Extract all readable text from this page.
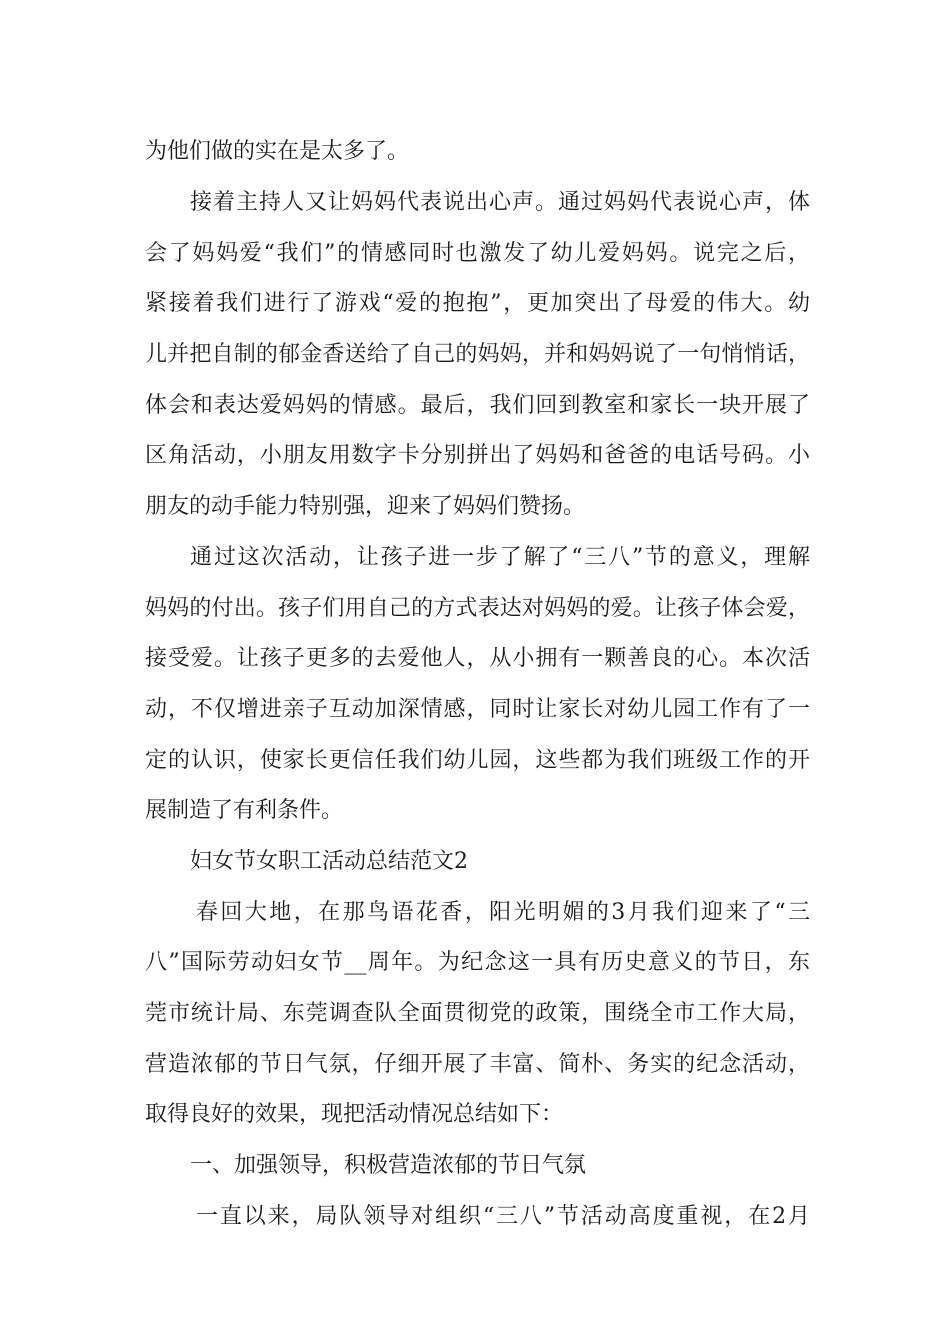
为他们做的实在是太多了。
接着主持人又让妈妈代表说出心声。通过妈妈代表说心声，体
会了妈妈爱“我们”的情感同时也激发了幼儿爱妈妈。说完之后，
紧接着我们进行了游戏“爱的抱抱”，更加突出了母爱的伟大。幼
儿并把自制的郁金香送给了自己的妈妈，并和妈妈说了一句悄悄话，
体会和表达爱妈妈的情感。最后，我们回到教室和家长一块开展了
区角活动，小朋友用数字卡分别拼出了妈妈和爸爸的电话号码。小
朋友的动手能力特别强，迎来了妈妈们赞扬。
通过这次活动，让孩子进一步了解了“三八”节的意义，理解
妈妈的付出。孩子们用自己的方式表达对妈妈的爱。让孩子体会爱，
接受爱。让孩子更多的去爱他人，从小拥有一颗善良的心。本次活
动，不仅增进亲子互动加深情感，同时让家长对幼儿园工作有了一
定的认识，使家长更信任我们幼儿园，这些都为我们班级工作的开
展制造了有利条件。
妇女节女职工活动总结范文2
春回大地，在那鸟语花香，阳光明媚的3月我们迎来了“三
八”国际劳动妇女节__周年。为纪念这一具有历史意义的节日，东
莞市统计局、东莞调查队全面贯彻党的政策，围绕全市工作大局，
营造浓郁的节日气氛，仔细开展了丰富、简朴、务实的纪念活动，
取得良好的效果，现把活动情况总结如下：
一、加强领导，积极营造浓郁的节日气氛
一直以来，局队领导对组织“三八”节活动高度重视，在2月
